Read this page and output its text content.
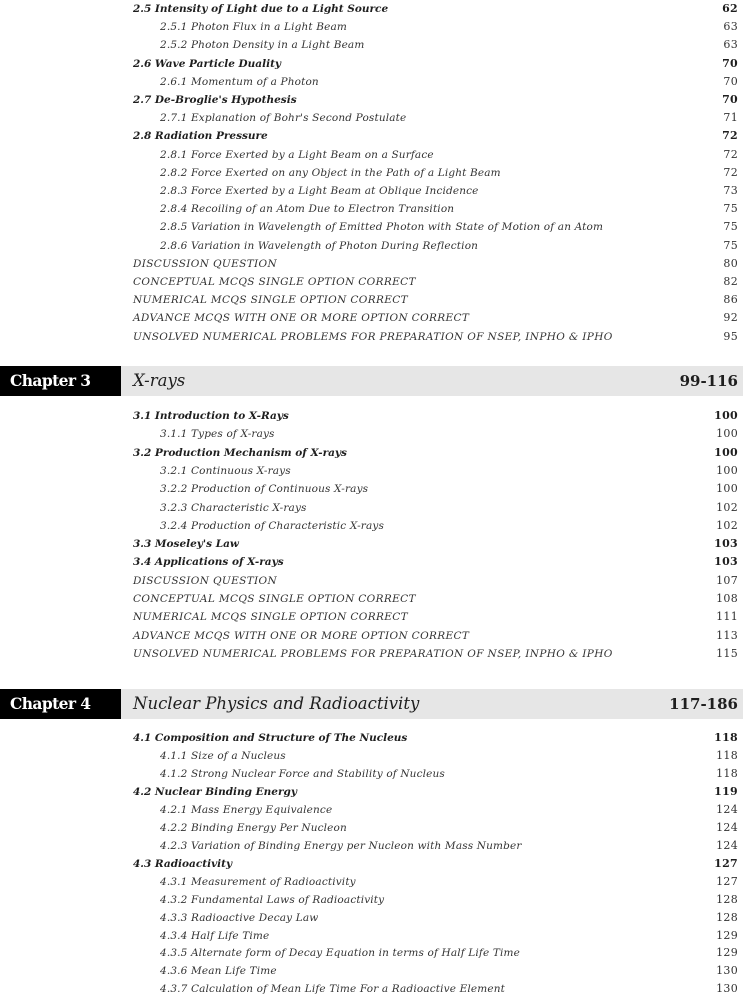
2.5 Intensity of Light due to a Light Source	62
2.5.1 Photon Flux in a Light Beam	63
2.5.2 Photon Density in a Light Beam	63
2.6 Wave Particle Duality	70
2.6.1 Momentum of a Photon	70
2.7 De-Broglie's Hypothesis	70
2.7.1 Explanation of Bohr's Second Postulate	71
2.8 Radiation Pressure	72
2.8.1 Force Exerted by a Light Beam on a Surface	72
2.8.2 Force Exerted on any Object in the Path of a Light Beam	72
2.8.3 Force Exerted by a Light Beam at Oblique Incidence	73
2.8.4 Recoiling of an Atom Due to Electron Transition	75
2.8.5 Variation in Wavelength of Emitted Photon with State of Motion of an Atom	75
2.8.6 Variation in Wavelength of Photon During Reflection	75
DISCUSSION QUESTION	80
CONCEPTUAL MCQS SINGLE OPTION CORRECT	82
NUMERICAL MCQS SINGLE OPTION CORRECT	86
ADVANCE MCQS WITH ONE OR MORE OPTION CORRECT	92
UNSOLVED NUMERICAL PROBLEMS FOR PREPARATION OF NSEP, INPHO & IPHO	95
Chapter 3	X-rays	99-116
3.1 Introduction to X-Rays	100
3.1.1 Types of X-rays	100
3.2 Production Mechanism of X-rays	100
3.2.1 Continuous X-rays	100
3.2.2 Production of Continuous X-rays	100
3.2.3 Characteristic X-rays	102
3.2.4 Production of Characteristic X-rays	102
3.3 Moseley's Law	103
3.4 Applications of X-rays	103
DISCUSSION QUESTION	107
CONCEPTUAL MCQS SINGLE OPTION CORRECT	108
NUMERICAL MCQS SINGLE OPTION CORRECT	111
ADVANCE MCQS WITH ONE OR MORE OPTION CORRECT	113
UNSOLVED NUMERICAL PROBLEMS FOR PREPARATION OF NSEP, INPHO & IPHO	115
Chapter 4	Nuclear Physics and Radioactivity	117-186
4.1 Composition and Structure of The Nucleus	118
4.1.1 Size of a Nucleus	118
4.1.2 Strong Nuclear Force and Stability of Nucleus	118
4.2 Nuclear Binding Energy	119
4.2.1 Mass Energy Equivalence	124
4.2.2 Binding Energy Per Nucleon	124
4.2.3 Variation of Binding Energy per Nucleon with Mass Number	124
4.3 Radioactivity	127
4.3.1 Measurement of Radioactivity	127
4.3.2 Fundamental Laws of Radioactivity	128
4.3.3 Radioactive Decay Law	128
4.3.4 Half Life Time	129
4.3.5 Alternate form of Decay Equation in terms of Half Life Time	129
4.3.6 Mean Life Time	130
4.3.7 Calculation of Mean Life Time For a Radioactive Element	130
